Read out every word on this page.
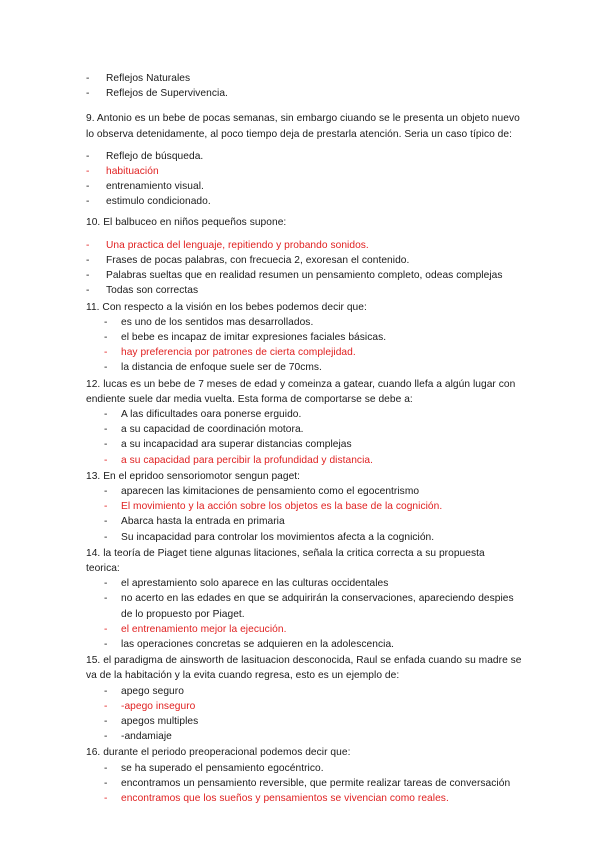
- Reflejos Naturales
- Reflejos de Supervivencia.
9. Antonio es un bebe de pocas semanas, sin embargo ciuando se le presenta un objeto nuevo
lo observa detenidamente, al poco tiempo deja de prestarla atención. Seria un caso típico de:
- Reflejo de búsqueda.
- habituación
- entrenamiento visual.
- estimulo condicionado.
10. El balbuceo en niños pequeños supone:
- Una practica del lenguaje, repitiendo y probando sonidos.
- Frases de pocas palabras, con frecuecia 2, exoresan el contenido.
- Palabras sueltas que en realidad resumen un pensamiento completo, odeas complejas
- Todas son correctas
11. Con respecto a la visión en los bebes podemos decir que:
- es uno de los sentidos mas desarrollados.
- el bebe es incapaz de imitar expresiones faciales básicas.
- hay preferencia por patrones de cierta complejidad.
- la distancia de enfoque suele ser de 70cms.
12. lucas es un bebe de 7 meses de edad y comeinza a gatear, cuando llefa a algún lugar con
endiente suele dar media vuelta. Esta forma de comportarse se debe a:
- A las dificultades oara ponerse erguido.
- a su capacidad de coordinación motora.
- a su incapacidad ara superar distancias complejas
- a su capacidad para percibir la profundidad y distancia.
13. En el epridoo sensoriomotor sengun paget:
- aparecen las kimitaciones de pensamiento como el egocentrismo
- El movimiento y la acción sobre los objetos es la base de la cognición.
- Abarca hasta la entrada en primaria
- Su incapacidad para controlar los movimientos afecta a la cognición.
14. la teoría de Piaget tiene algunas litaciones, señala la critica correcta a su propuesta
teorica:
- el aprestamiento solo aparece en las culturas occidentales
- no acerto en las edades en que se adquirirán la conservaciones, apareciendo despies
de lo propuesto por Piaget.
- el entrenamiento mejor la ejecución.
- las operaciones concretas se adquieren en la adolescencia.
15. el paradigma de ainsworth de lasituacion desconocida, Raul se enfada cuando su madre se
va de la habitación y la evita cuando regresa, esto es un ejemplo de:
- apego seguro
- -apego inseguro
- apegos multiples
- -andamiaje
16. durante el periodo preoperacional podemos decir que:
- se ha superado el pensamiento egocéntrico.
- encontramos un pensamiento reversible, que permite realizar tareas de conversación
- encontramos que los sueños y pensamientos se vivencian como reales.
